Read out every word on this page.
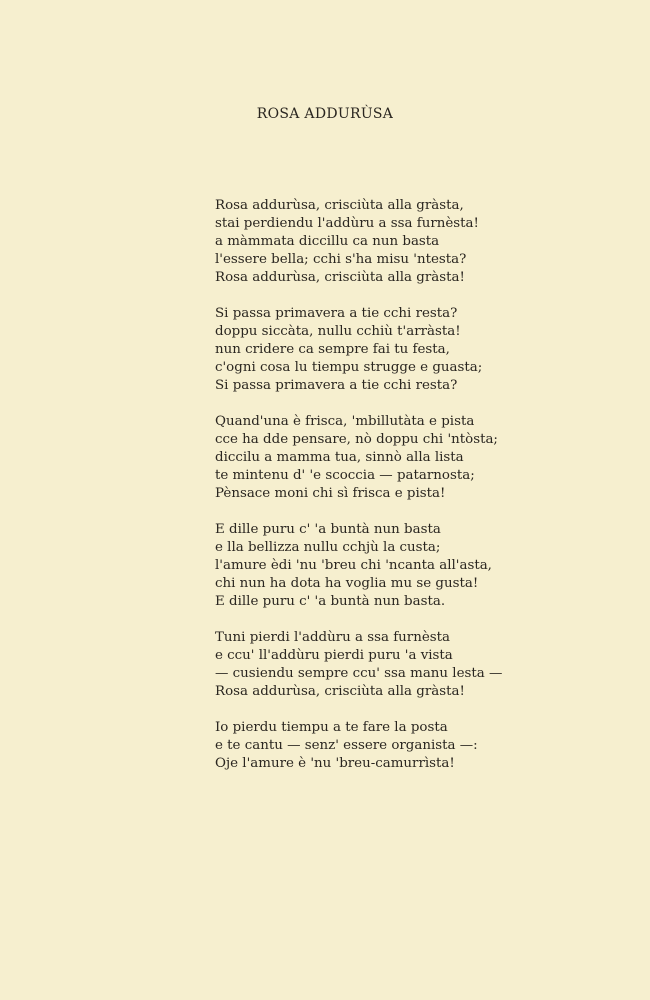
ROSA ADDURÙSA
Rosa addurùsa, crisciùta alla gràsta,
stai perdiendu l'addùru a ssa furnèsta!
a màmmata diccillu ca nun basta
l'essere bella; cchi s'ha misu 'ntesta?
Rosa addurùsa, crisciùta alla gràsta!
Si passa primavera a tie cchi resta?
doppu siccàta, nullu cchiù t'arràsta!
nun cridere ca sempre fai tu festa,
c'ogni cosa lu tiempu strugge e guasta;
Si passa primavera a tie cchi resta?
Quand'una è frisca, 'mbillutàta e pista
cce ha dde pensare, nò doppu chi 'ntòsta;
diccilu a mamma tua, sinnò alla lista
te mintenu d' 'e scoccia — patarnosta;
Pènsace moni chi sì frisca e pista!
E dille puru c' 'a buntà nun basta
e lla bellizza nullu cchjù la custa;
l'amure èdi 'nu 'breu chi 'ncanta all'asta,
chi nun ha dota ha voglia mu se gusta!
E dille puru c' 'a buntà nun basta.
Tuni pierdi l'addùru a ssa furnèsta
e ccu' ll'addùru pierdi puru 'a vista
— cusiendu sempre ccu' ssa manu lesta —
Rosa addurùsa, crisciùta alla gràsta!
Io pierdu tiempu a te fare la posta
e te cantu — senz' essere organista —:
Oje l'amure è 'nu 'breu-camurrìsta!
